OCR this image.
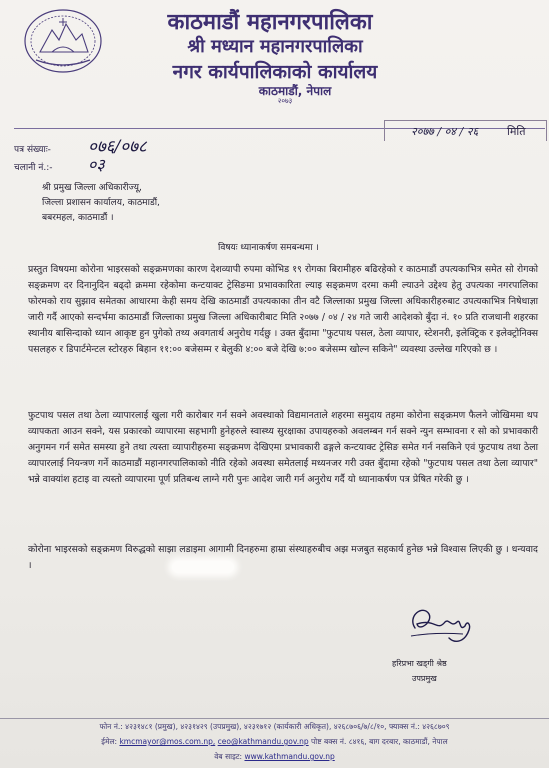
काठमाडौं महानगरपालिका
श्री मध्यान महानगरपालिका
नगर कार्यपालिकाको कार्यालय
काठमाडौं, नेपाल
२०७३
२०७७ / ०४ / २६	मिति
पत्र संख्याः- ०७६/०७८
चलानी नं.:- ०३
श्री प्रमुख जिल्ला अधिकारीज्यू,
जिल्ला प्रशासन कार्यालय, काठमाडौं,
बबरमहल, काठमाडौं ।
विषयः ध्यानाकर्षण समबन्धमा ।
प्रस्तुत विषयमा कोरोना भाइरसको सङ्क्रमणका कारण देशव्यापी रुपमा कोभिड १९ रोगका बिरामीहरु बढिरहेको र काठमाडौं उपत्यकाभित्र समेत सो रोगको सङ्क्रमण दर दिनानुदिन बढ्दो क्रममा रहेकोमा कन्टयाक्ट ट्रेसिङमा प्रभावकारिता ल्याइ सङ्क्रमण दरमा कमी ल्याउने उद्देश्य हेतु उपत्यका नगरपालिका फोरमको राय सुझाव समेतका आधारमा केही समय देखि काठमाडौं उपत्यकाका तीन वटै जिल्लाका प्रमुख जिल्ला अधिकारीहरुबाट उपत्यकाभित्र निषेधाज्ञा जारी गर्दै आएको सन्दर्भमा काठमाडौं जिल्लाका प्रमुख जिल्ला अधिकारीबाट मिति २०७७ / ०४ / २४ गते जारी आदेशको बुँदा नं. १० प्रति राजधानी शहरका स्थानीय बासिन्दाको ध्यान आकृष्ट हुन पुगेको तथ्य अवगतार्थ अनुरोध गर्दछु । उक्त बुँदामा "फुटपाथ पसल, ठेला व्यापार, स्टेशनरी, इलेक्ट्रिक र इलेक्ट्रोनिक्स पसलहरु र डिपार्टमेन्टल स्टोरहरु बिहान ११:०० बजेसम्म र बेलुकी ४:०० बजे देखि ७:०० बजेसम्म खोल्न सकिने" व्यवस्था उल्लेख गरिएको छ ।
फुटपाथ पसल तथा ठेला व्यापारलाई खुला गरी कारोबार गर्न सक्ने अवस्थाको विद्यमानताले शहरमा समुदाय तहमा कोरोना सङ्क्रमण फैलने जोखिममा थप व्यापकता आउन सक्ने, यस प्रकारको व्यापारमा सहभागी हुनेहरुले स्वास्थ्य सुरक्षाका उपायहरुको अवलम्बन गर्न सक्ने न्युन सम्भावना र सो को प्रभावकारी अनुगमन गर्न समेत समस्या हुने तथा त्यस्ता व्यापारीहरुमा सङ्क्रमण देखिएमा प्रभावकारी ढङ्गले कन्टयाक्ट ट्रेसिङ समेत गर्न नसकिने एवं फुटपाथ तथा ठेला व्यापारलाई नियन्त्रण गर्ने काठमाडौं महानगरपालिकाको नीति रहेको अवस्था समेतलाई मध्यनजर गरी उक्त बुँदामा रहेको "फुटपाथ पसल तथा ठेला व्यापार" भन्ने वाक्यांश हटाइ वा त्यस्तो व्यापारमा पूर्ण प्रतिबन्ध लाग्ने गरी पुनः आदेश जारी गर्न अनुरोध गर्दै यो ध्यानाकर्षण पत्र प्रेषित गरेकी छु ।
कोरोना भाइरसको सङ्क्रमण विरुद्धको साझा लडाइमा आगामी दिनहरुमा हाम्रा संस्थाहरुबीच अझ मजबुत सहकार्य हुनेछ भन्ने विश्वास लिएकी छु । धन्यवाद ।
हरिप्रभा खड्गी श्रेष्ठ
उपप्रमुख
फोन नं.: ४२३१४८१ (प्रमुख), ४२३१४२९ (उपप्रमुख), ४२३१७१२ (कार्यकारी अधिकृत), ४२६८७०६/७/८/१०, फ्याक्स नं.: ४२६८७०९
ईमेल: kmcmayor@mos.com.np, ceo@kathmandu.gov.np पोष्ट बक्स नं. ८४१६, बाग दरबार, काठमाडौं, नेपाल
वेब साइट: www.kathmandu.gov.np
